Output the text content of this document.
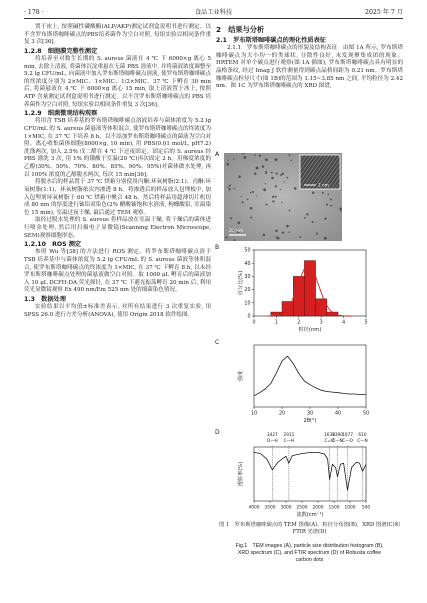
· 178 ·	食品工业科技	2025 年 7 月
置于冰上, 按照碱性磷酸酶(ALP/AKP)测定试剂盒说明书进行测定。以不含罗布斯塔咖啡碳点的PBS培养菌作为空白对照, 每组实验以相同条件重复 3 次[36]。
1.2.8　细胞膜完整性测定
将培养至对数生长期的 S. aureus 菌液在 4 ℃ 下 6000×g 离心 5 min, 去除上清液, 将菌体沉淀重悬在无菌 PBS 溶液中, 并将菌液浓度调整至 5.2 lg CFU/mL, 向菌液中加入罗布斯塔咖啡碳点溶液, 使罗布斯塔咖啡碳点的终浓度分别为 2×MIC、1×MIC、1/2×MIC。37 ℃ 下孵育 30 min 后, 将菌悬液在 4 ℃ 下 6000×g 离心 15 min, 取上清液置于冰上, 按照 ATP 含量测定试剂盒说明书进行测定。以不含罗布斯塔咖啡碳点的 PBS 培养菌作为空白对照, 每组实验以相同条件重复 3 次[36]。
1.2.9　细菌微观结构观察
将用含 TSB 培养基的罗布斯塔咖啡碳点溶液培养与菌体浓度为 5.2 lg CFU/mL 的 S. aureus 菌悬液等体积混合, 使罗布斯塔咖啡碳点的终浓度为 1×MIC, 在 37 ℃ 下培养 8 h。以不添加罗布斯塔咖啡碳点的菌液为空白对照。离心收集菌体细胞(8000×g, 10 min), 用 PBS(0.01 mol/L, pH7.2)洗涤两次, 加入 2.5% 戊二醛在 4 ℃ 下过夜固定。固定后的 S. aureus 经 PBS 漂洗 3 次, 用 1% 的锇酸于室温(20 ℃)再次固定 2 h。用梯度浓度的乙醇(30%、50%、70%、80%、85%、90%、95%)对菌体做水处理, 再以 100% 浓度的乙醇脱水两次, 每次 15 min[36]。
将脱水后的样品置于 37 ℃ 烘箱分别使用丙酮:环氧树脂(2:1)、丙酮:环氧树脂(1:1)、环氧树脂依次内渗透 8 h。将渗透后的样品放入包埋板中, 加入包埋剂环氧树脂于 60 ℃ 烘箱中聚合 48 h。然后将样品用超薄切片机切成 80 nm 的厚度进行铀铅双染色(2% 醋酸铀饱和水溶液, 枸橼酸铅, 室温染色 15 min), 室温过夜干燥, 最后通过 TEM 观察。
取经过脱水处理的 S. aureus 将样品放在室温干燥, 将干燥后的菌体进行喷金处理, 然后用扫描电子显微镜(Scanning Electron Microscope, SEM)观察细胞形态。
1.2.10　ROS 测定
参照 Wu 等[38] 的方法进行 ROS 测定。将罗布斯塔咖啡碳点溶于 TSB 培养基中与菌体浓度为 5.2 lg CFU/mL 的 S. aureus 菌液等体积混合, 使罗布斯塔咖啡碳点的终浓度为 1×MIC, 在 37 ℃ 下孵育 8 h, 以未经罗布斯塔咖啡碳点处理的菌悬液做空白对照。取 1000 μL 孵育后的菌液加入 10 μL DCFH-DA 荧光探针, 在 37 ℃ 下避光振荡孵育 20 min 后, 利用荧光显微镜观察 Ex 490 nm/Em 525 nm 处的细菌染色情况。
1.3　数据处理
实验结果以平均值±标准差表示, 对所有结果进行 3 次重复实验, 用 SPSS 26.0 进行方差分析(ANOVA), 使用 Origin 2018 软件绘图。
2　结果与分析
2.1　罗布斯塔咖啡碳点的理化性质表征
2.1.1　罗布斯塔咖啡碳点的形貌及结构表征　由图 1A 所示, 罗布斯塔咖啡碳点为大小均一的类球状, 分散性良好, 未发现聚集成团的现象。HRTEM 对单个碳点进行观察(图 1A 插图), 罗布斯塔咖啡碳点具有明显的晶格条纹, 经过 Imag J 软件测量得到碳点晶格间距为 0.21 nm。罗布斯塔咖啡碳点粒径尺寸(图 1B)的范围为 1.15~3.85 nm 之间, 平均粒径为 2.42 nm。图 1C 为罗布斯塔咖啡碳点的 XRD 图谱,
A
2 nm
20 nm
B
0
10
20
30
40
50
0	1	2	3	4	5
百分比(%)
粒径(nm)
C
10	20	30	40	50
强度
2θ(°)
D
4000 3500 3000 2500 2000 1500 1000 500
3427
O—H
2911
C—H
1639
C=O
1390
C—N
1077
C—O
610
C—N
透射率(%)
波数(cm⁻¹)
图 1　罗布斯塔咖啡碳点的 TEM 图像(A)、粒径分布图(B)、XRD 图谱(C)和 FTIR 光谱(D)
Fig.1　TEM images (A), particle size distribution histogram (B),
XRD spectrum (C), and FTIR spectrum (D) of Robusta coffee
carbon dots
